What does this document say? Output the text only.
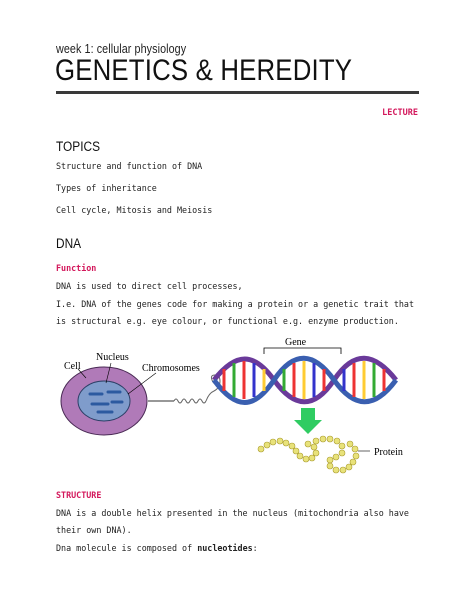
week 1: cellular physiology
GENETICS & HEREDITY
LECTURE
TOPICS
Structure and function of DNA
Types of inheritance
Cell cycle, Mitosis and Meiosis
DNA
Function
DNA is used to direct cell processes,
I.e. DNA of the genes code for making a protein or a genetic trait that is structural e.g. eye colour, or functional e.g. enzyme production.
Cell
Nucleus
Chromosomes
Gene
Protein
STRUCTURE
DNA is a double helix presented in the nucleus (mitochondria also have their own DNA).
Dna molecule is composed of nucleotides:
